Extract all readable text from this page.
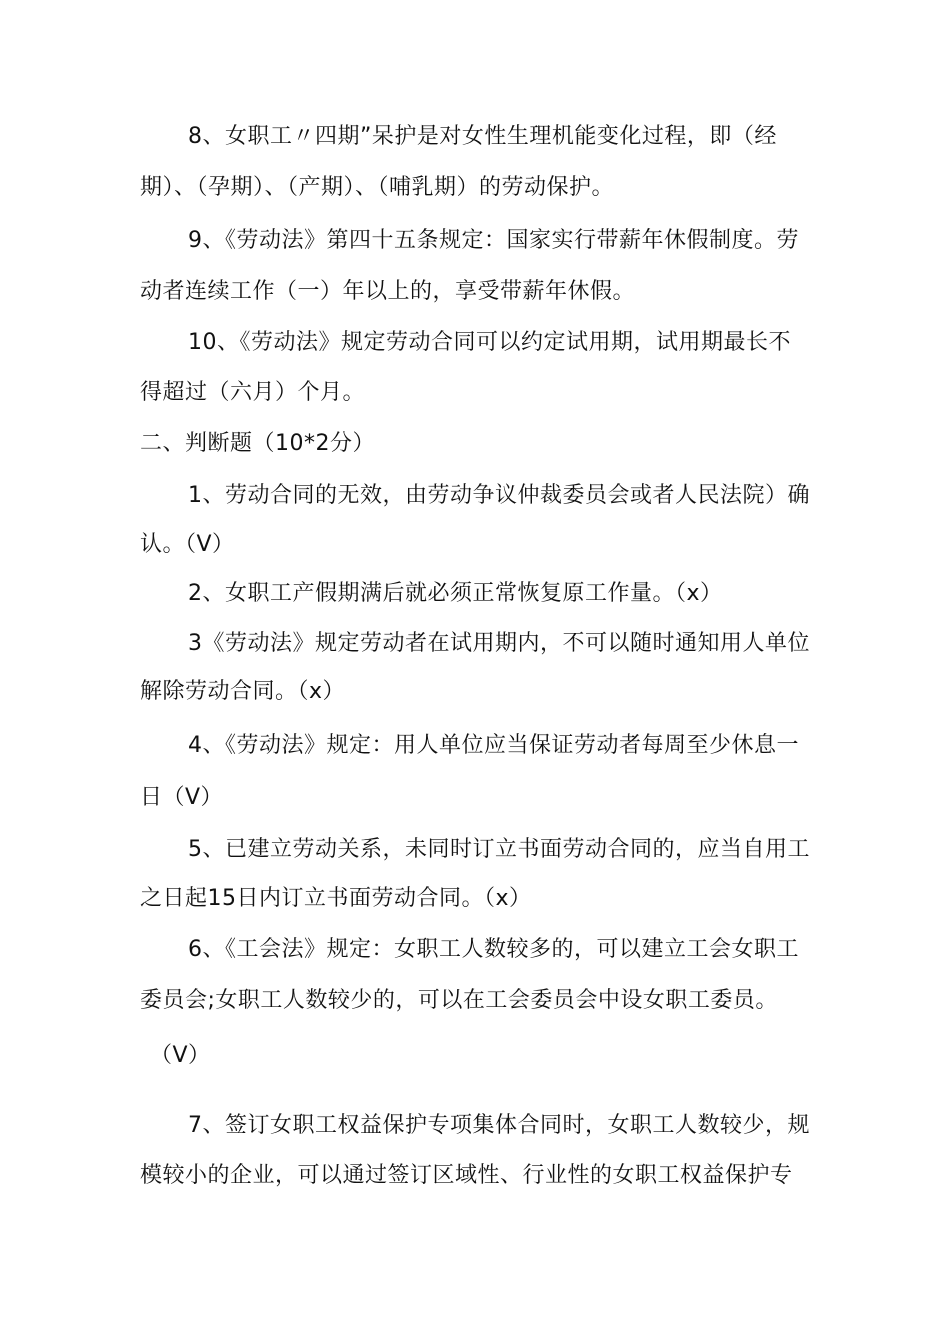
8、女职工〃四期”呆护是对女性生理机能变化过程，即（经
期）、（孕期）、（产期）、（哺乳期）的劳动保护。
9、《劳动法》第四十五条规定：国家实行带薪年休假制度。劳
动者连续工作（一）年以上的，享受带薪年休假。
10、《劳动法》规定劳动合同可以约定试用期，试用期最长不
得超过（六月）个月。
二、判断题（10*2分）
1、劳动合同的无效，由劳动争议仲裁委员会或者人民法院）确
认。（V）
2、女职工产假期满后就必须正常恢复原工作量。（x）
3《劳动法》规定劳动者在试用期内，不可以随时通知用人单位
解除劳动合同。（x）
4、《劳动法》规定：用人单位应当保证劳动者每周至少休息一
日（V）
5、已建立劳动关系，未同时订立书面劳动合同的，应当自用工
之日起15日内订立书面劳动合同。（x）
6、《工会法》规定：女职工人数较多的，可以建立工会女职工
委员会;女职工人数较少的，可以在工会委员会中设女职工委员。
（V）
7、签订女职工权益保护专项集体合同时，女职工人数较少，规
模较小的企业，可以通过签订区域性、行业性的女职工权益保护专
